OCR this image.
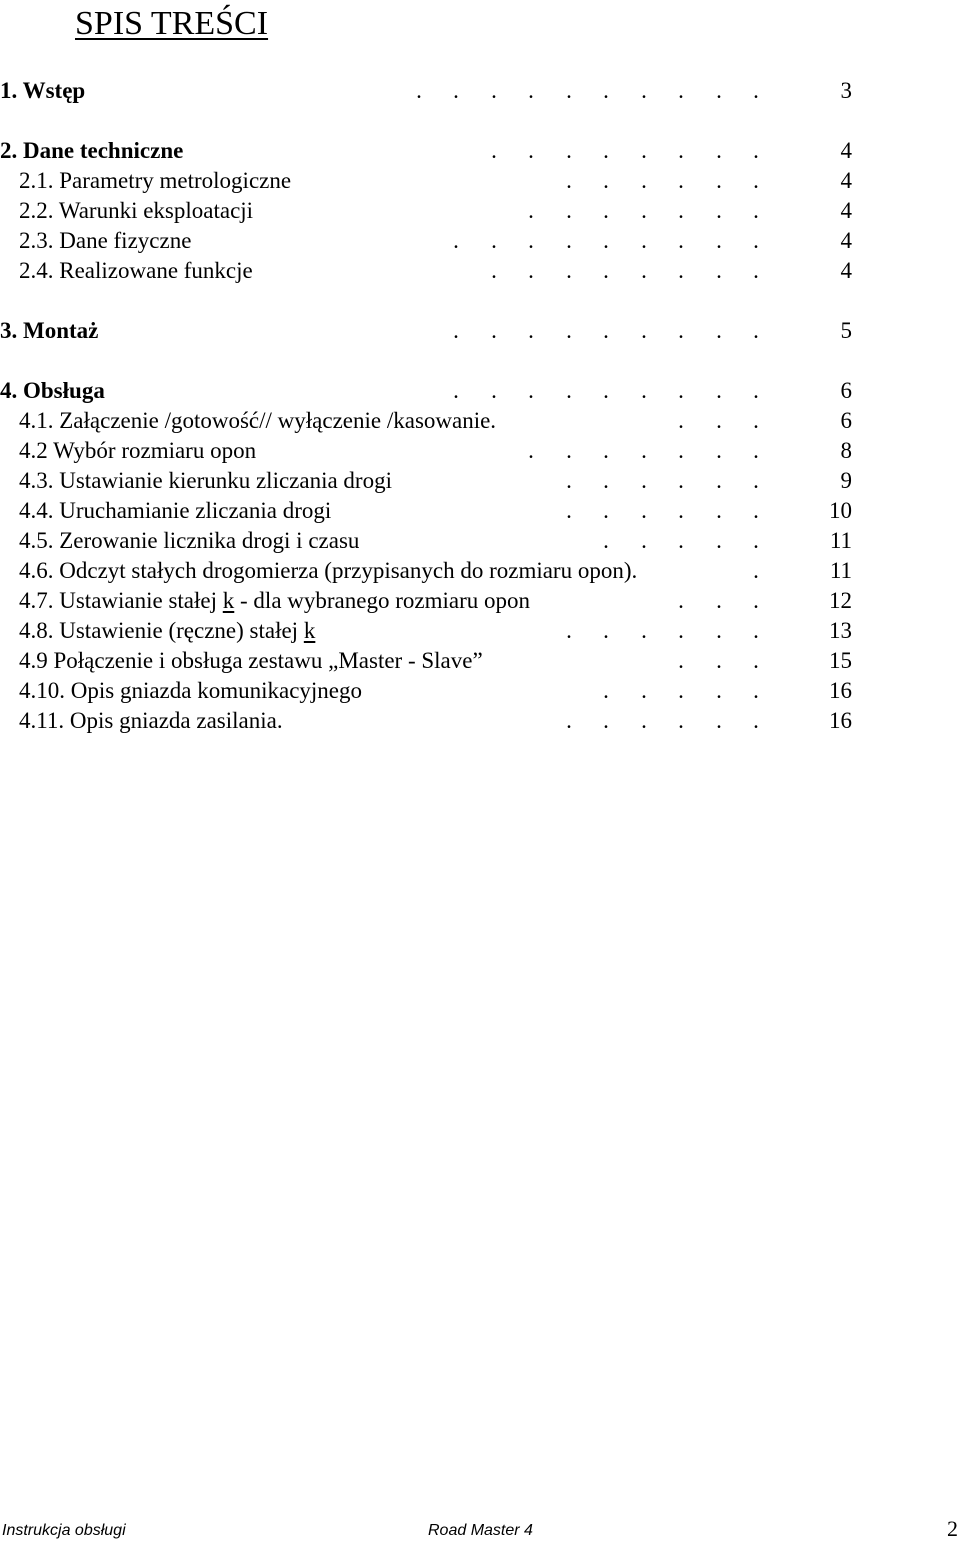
SPIS TREŚCI
1. Wstęp	. . . . . . . . . .	3
2. Dane techniczne	. . . . . . . .	4
2.1. Parametry metrologiczne	. . . . . .	4
2.2. Warunki eksploatacji	. . . . . . .	4
2.3. Dane fizyczne	. . . . . . . . .	4
2.4. Realizowane funkcje	. . . . . . . .	4
3. Montaż	. . . . . . . . .	5
4. Obsługa	. . . . . . . . .	6
4.1. Załączenie /gotowość// wyłączenie /kasowanie.	. . .	6
4.2 Wybór rozmiaru opon	. . . . . . .	8
4.3. Ustawianie kierunku zliczania drogi	. . . . . .	9
4.4. Uruchamianie zliczania drogi	. . . . . .	10
4.5. Zerowanie licznika drogi i czasu	. . . . .	11
4.6. Odczyt stałych drogomierza (przypisanych do rozmiaru opon).	.	11
4.7. Ustawianie stałej k - dla wybranego rozmiaru opon	. . .	12
4.8. Ustawienie (ręczne) stałej k	. . . . . .	13
4.9 Połączenie i obsługa zestawu „Master - Slave”	. . .	15
4.10. Opis gniazda komunikacyjnego	. . . . .	16
4.11. Opis gniazda zasilania.	. . . . . .	16
Instrukcja obsługi	Road Master 4	2
